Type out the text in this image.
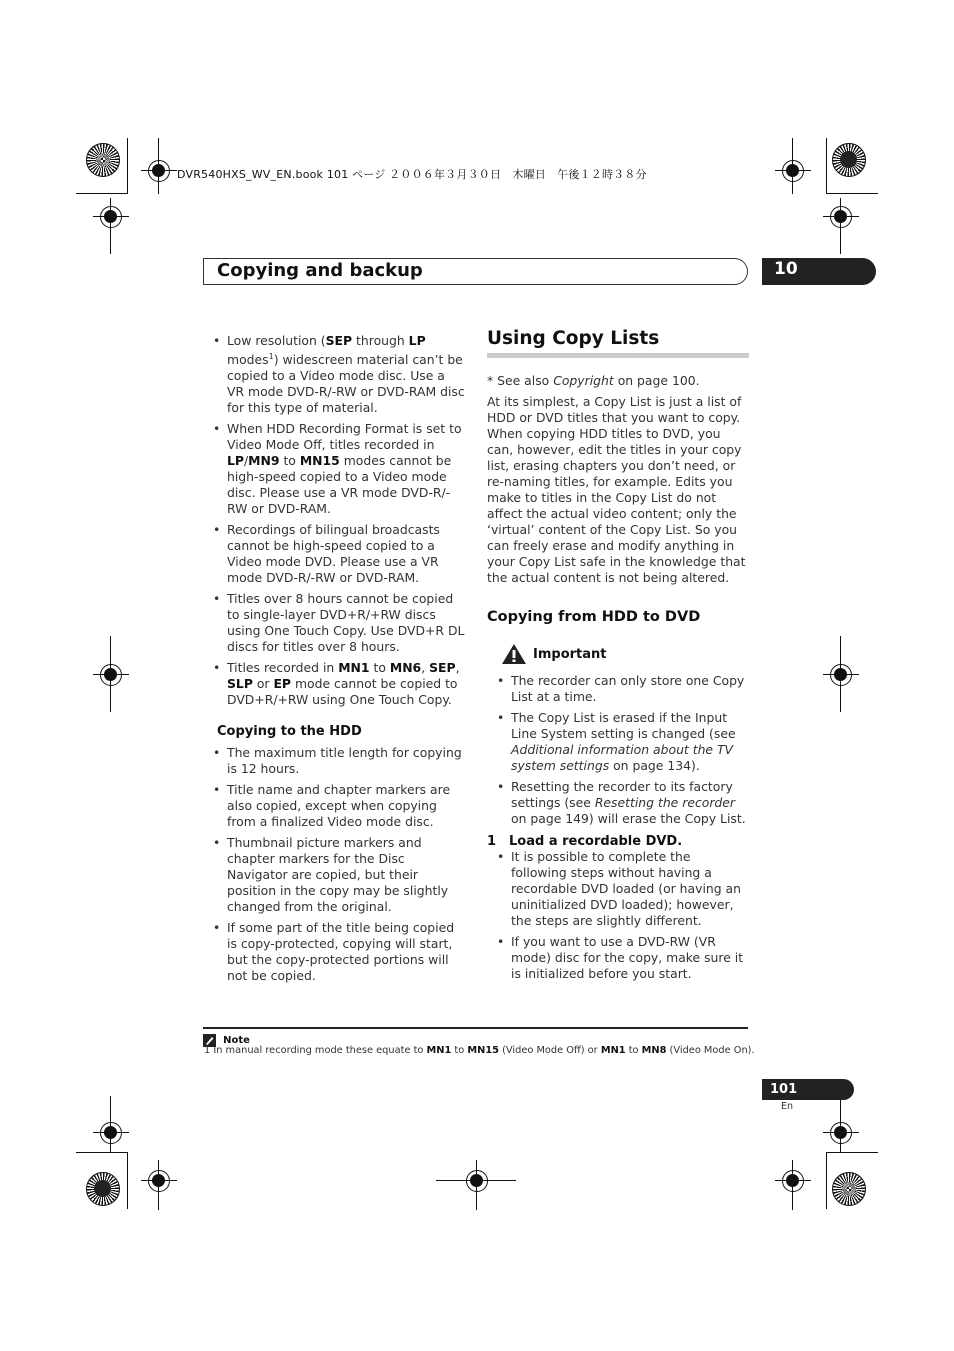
DVR540HXS_WV_EN.book 101 ページ ２００６年３月３０日　木曜日　午後１２時３８分
Copying and backup	10
• Low resolution (SEP through LP modes$^1$) widescreen material can’t be copied to a Video mode disc. Use a VR mode DVD-R/-RW or DVD-RAM disc for this type of material.
• When HDD Recording Format is set to Video Mode Off, titles recorded in LP/MN9 to MN15 modes cannot be high-speed copied to a Video mode disc. Please use a VR mode DVD-R/-RW or DVD-RAM.
• Recordings of bilingual broadcasts cannot be high-speed copied to a Video mode DVD. Please use a VR mode DVD-R/-RW or DVD-RAM.
• Titles over 8 hours cannot be copied to single-layer DVD+R/+RW discs using One Touch Copy. Use DVD+R DL discs for titles over 8 hours.
• Titles recorded in MN1 to MN6, SEP, SLP or EP mode cannot be copied to DVD+R/+RW using One Touch Copy.
Copying to the HDD
• The maximum title length for copying is 12 hours.
• Title name and chapter markers are also copied, except when copying from a finalized Video mode disc.
• Thumbnail picture markers and chapter markers for the Disc Navigator are copied, but their position in the copy may be slightly changed from the original.
• If some part of the title being copied is copy-protected, copying will start, but the copy-protected portions will not be copied.
Using Copy Lists

* See also Copyright on page 100.

At its simplest, a Copy List is just a list of HDD or DVD titles that you want to copy. When copying HDD titles to DVD, you can, however, edit the titles in your copy list, erasing chapters you don’t need, or re-naming titles, for example. Edits you make to titles in the Copy List do not affect the actual video content; only the ‘virtual’ content of the Copy List. So you can freely erase and modify anything in your Copy List safe in the knowledge that the actual content is not being altered.

Copying from HDD to DVD
Important
• The recorder can only store one Copy List at a time.
• The Copy List is erased if the Input Line System setting is changed (see Additional information about the TV system settings on page 134).
• Resetting the recorder to its factory settings (see Resetting the recorder on page 149) will erase the Copy List.
1 Load a recordable DVD.
• It is possible to complete the following steps without having a recordable DVD loaded (or having an uninitialized DVD loaded); however, the steps are slightly different.
• If you want to use a DVD-RW (VR mode) disc for the copy, make sure it is initialized before you start.
Note
1 In manual recording mode these equate to MN1 to MN15 (Video Mode Off) or MN1 to MN8 (Video Mode On).
101
En
